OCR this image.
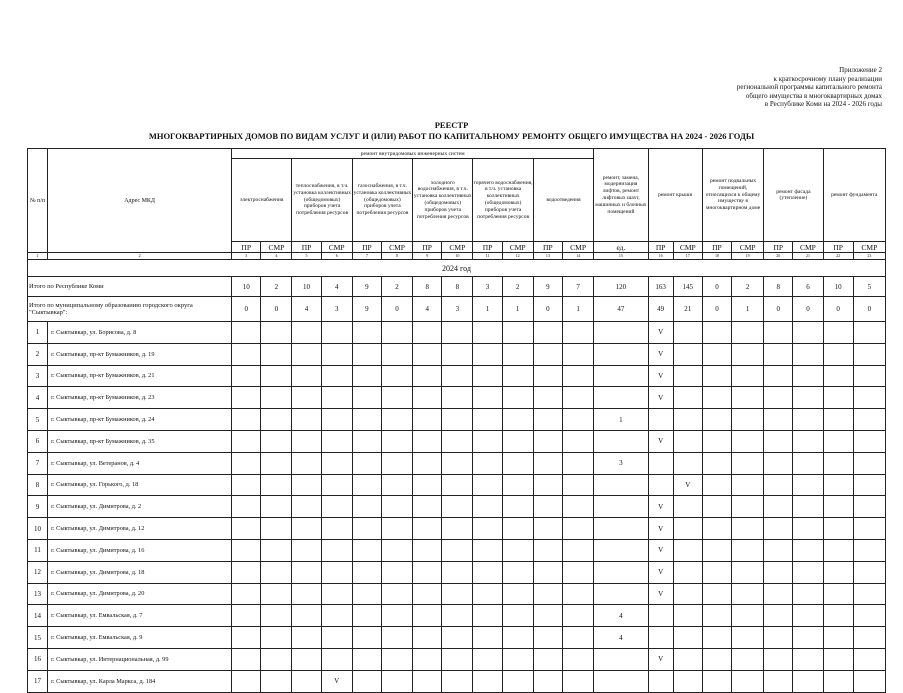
Приложение 2
к краткосрочному плану реализации
региональной программы капитального ремонта
общего имущества в многоквартирных домах
в Республике Коми на 2024 - 2026 годы
РЕЕСТР
МНОГОКВАРТИРНЫХ ДОМОВ ПО ВИДАМ УСЛУГ И (ИЛИ) РАБОТ ПО КАПИТАЛЬНОМУ РЕМОНТУ ОБЩЕГО ИМУЩЕСТВА НА 2024 - 2026 ГОДЫ
№ п/п	Адрес МКД	ремонт внутридомовых инженерных систем												ремонт, замена, модернизация лифтов, ремонт лифтовых шахт, машинных и блочных помещений	ремонт крыши		ремонт подвальных помещений, относящихся к общему имуществу в многоквартирном доме		ремонт фасада (утепление)		ремонт фундамента	
		электроснабжения		теплоснабжения, в т.ч. установка коллективных (общедомовых) приборов учета потребления ресурсов		газоснабжения, в т.ч. установка коллективных (общедомовых) приборов учета потребления ресурсов		холодного водоснабжения, в т.ч. установка коллективных (общедомовых) приборов учета потребления ресурсов		горячего водоснабжения, в т.ч. установка коллективных (общедомовых) приборов учета потребления ресурсов		водоотведения										
		ПР	СМР	ПР	СМР	ПР	СМР	ПР	СМР	ПР	СМР	ПР	СМР	ед.	ПР	СМР	ПР	СМР	ПР	СМР	ПР	СМР
1	2	3	4	5	6	7	8	9	10	11	12	13	14	15	16	17	18	19	20	21	22	23
2024 год																						
Итого по Республике Коми		10	2	10	4	9	2	8	8	3	2	9	7	120	163	145	0	2	8	6	10	5
Итого по муниципальному образованию городского округа "Сыктывкар":		0	0	4	3	9	0	4	3	1	1	0	1	47	49	21	0	1	0	0	0	0
1	г. Сыктывкар, ул. Борисова, д. 8														V							
2	г. Сыктывкар, пр-кт Бумажников, д. 19														V							
3	г. Сыктывкар, пр-кт Бумажников, д. 21														V							
4	г. Сыктывкар, пр-кт Бумажников, д. 23														V							
5	г. Сыктывкар, пр-кт Бумажников, д. 24													1								
6	г. Сыктывкар, пр-кт Бумажников, д. 35														V							
7	г. Сыктывкар, ул. Ветеранов, д. 4													3								
8	г. Сыктывкар, ул. Горького, д. 18															V						
9	г. Сыктывкар, ул. Димитрова, д. 2														V							
10	г. Сыктывкар, ул. Димитрова, д. 12														V							
11	г. Сыктывкар, ул. Димитрова, д. 16														V							
12	г. Сыктывкар, ул. Димитрова, д. 18														V							
13	г. Сыктывкар, ул. Димитрова, д. 20														V							
14	г. Сыктывкар, ул. Емвальская, д. 7													4								
15	г. Сыктывкар, ул. Емвальская, д. 9													4								
16	г. Сыктывкар, ул. Интернациональная, д. 99														V							
17	г. Сыктывкар, ул. Карла Маркса, д. 184				V																	
